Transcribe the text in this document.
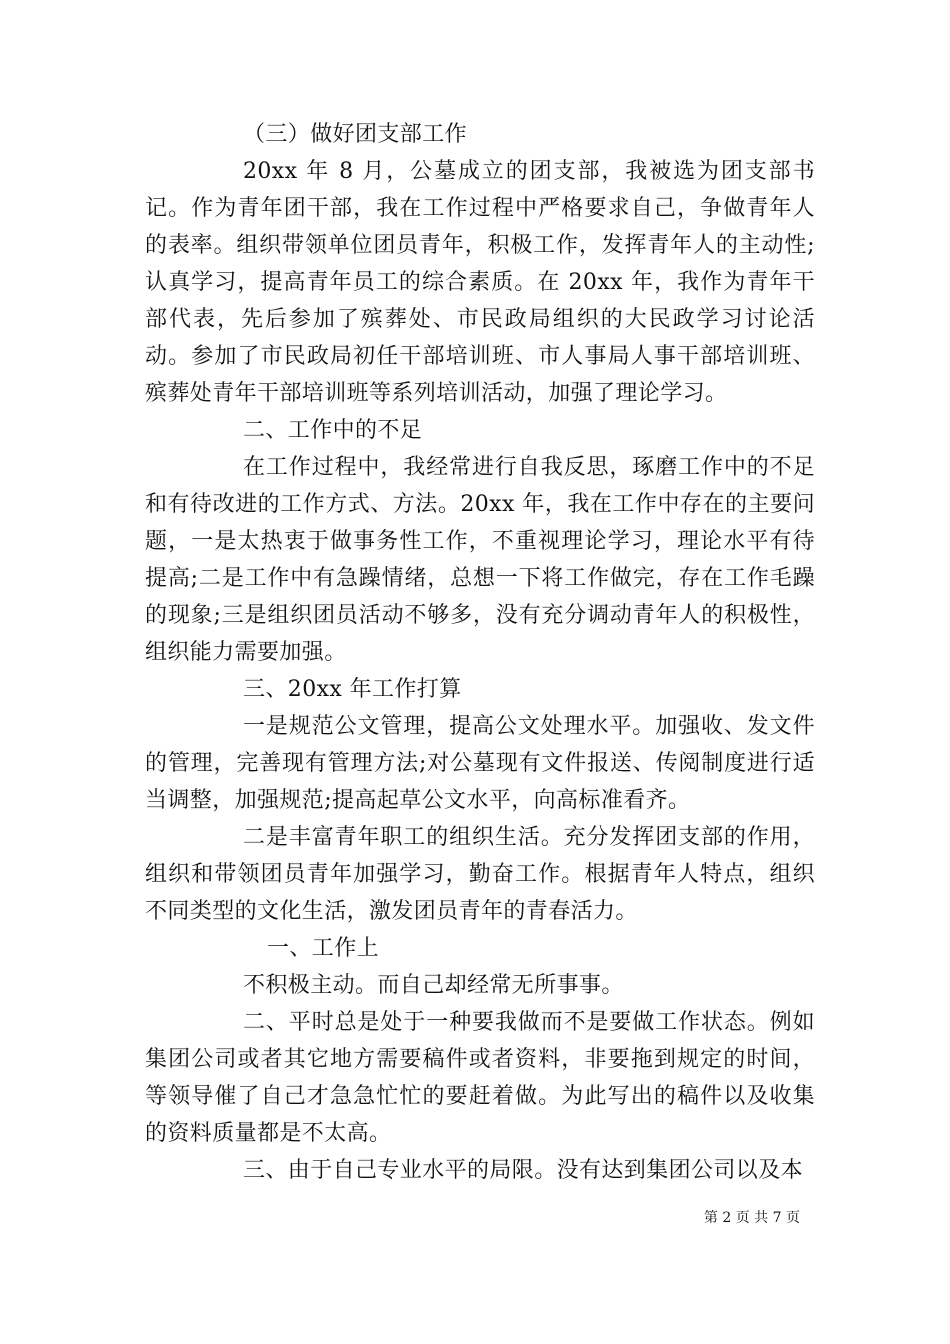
（三）做好团支部工作

20xx 年 8 月，公墓成立的团支部，我被选为团支部书记。作为青年团干部，我在工作过程中严格要求自己，争做青年人的表率。组织带领单位团员青年，积极工作，发挥青年人的主动性;认真学习，提高青年员工的综合素质。在 20xx 年，我作为青年干部代表，先后参加了殡葬处、市民政局组织的大民政学习讨论活动。参加了市民政局初任干部培训班、市人事局人事干部培训班、殡葬处青年干部培训班等系列培训活动，加强了理论学习。

二、工作中的不足

在工作过程中，我经常进行自我反思，琢磨工作中的不足和有待改进的工作方式、方法。20xx 年，我在工作中存在的主要问题，一是太热衷于做事务性工作，不重视理论学习，理论水平有待提高;二是工作中有急躁情绪，总想一下将工作做完，存在工作毛躁的现象;三是组织团员活动不够多，没有充分调动青年人的积极性，组织能力需要加强。

三、20xx 年工作打算

一是规范公文管理，提高公文处理水平。加强收、发文件的管理，完善现有管理方法;对公墓现有文件报送、传阅制度进行适当调整，加强规范;提高起草公文水平，向高标准看齐。

二是丰富青年职工的组织生活。充分发挥团支部的作用，组织和带领团员青年加强学习，勤奋工作。根据青年人特点，组织不同类型的文化生活，激发团员青年的青春活力。

一、工作上

不积极主动。而自己却经常无所事事。

二、平时总是处于一种要我做而不是要做工作状态。例如集团公司或者其它地方需要稿件或者资料，非要拖到规定的时间，等领导催了自己才急急忙忙的要赶着做。为此写出的稿件以及收集的资料质量都是不太高。

三、由于自己专业水平的局限。没有达到集团公司以及本

第 2 页 共 7 页
